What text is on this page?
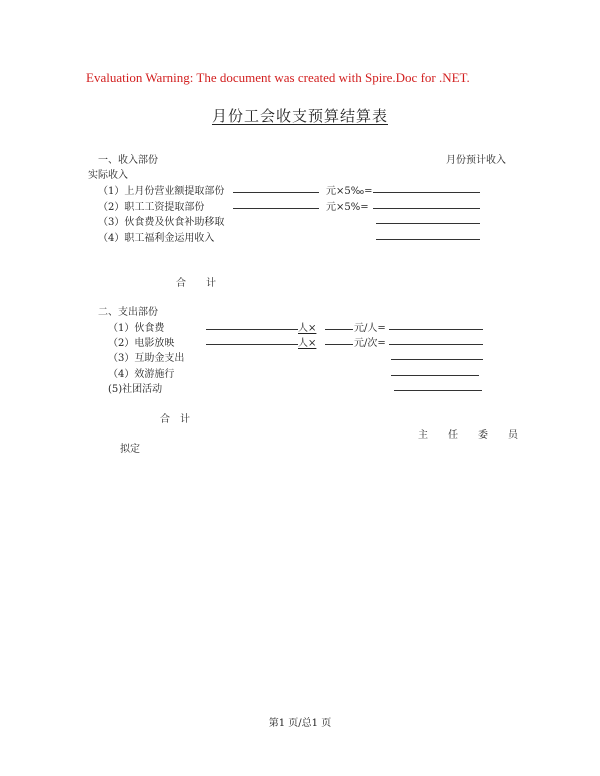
Evaluation Warning: The document was created with Spire.Doc for .NET.
月份工会收支预算结算表
一、收入部份	月份预计收入
实际收入
（1）上月份营业额提取部份	元×5‰=
（2）职工工资提取部份	元×5%=
（3）伙食费及伙食补助移取
（4）职工福利金运用收入
合　　计
二、支出部份
（1）伙食费	人×	元/人=
（2）电影放映	人×	元/次=
（3）互助金支出
（4）效游施行
(5)社团活动
合　计
主　　任　　委　　员
拟定
第1 页/总1 页
